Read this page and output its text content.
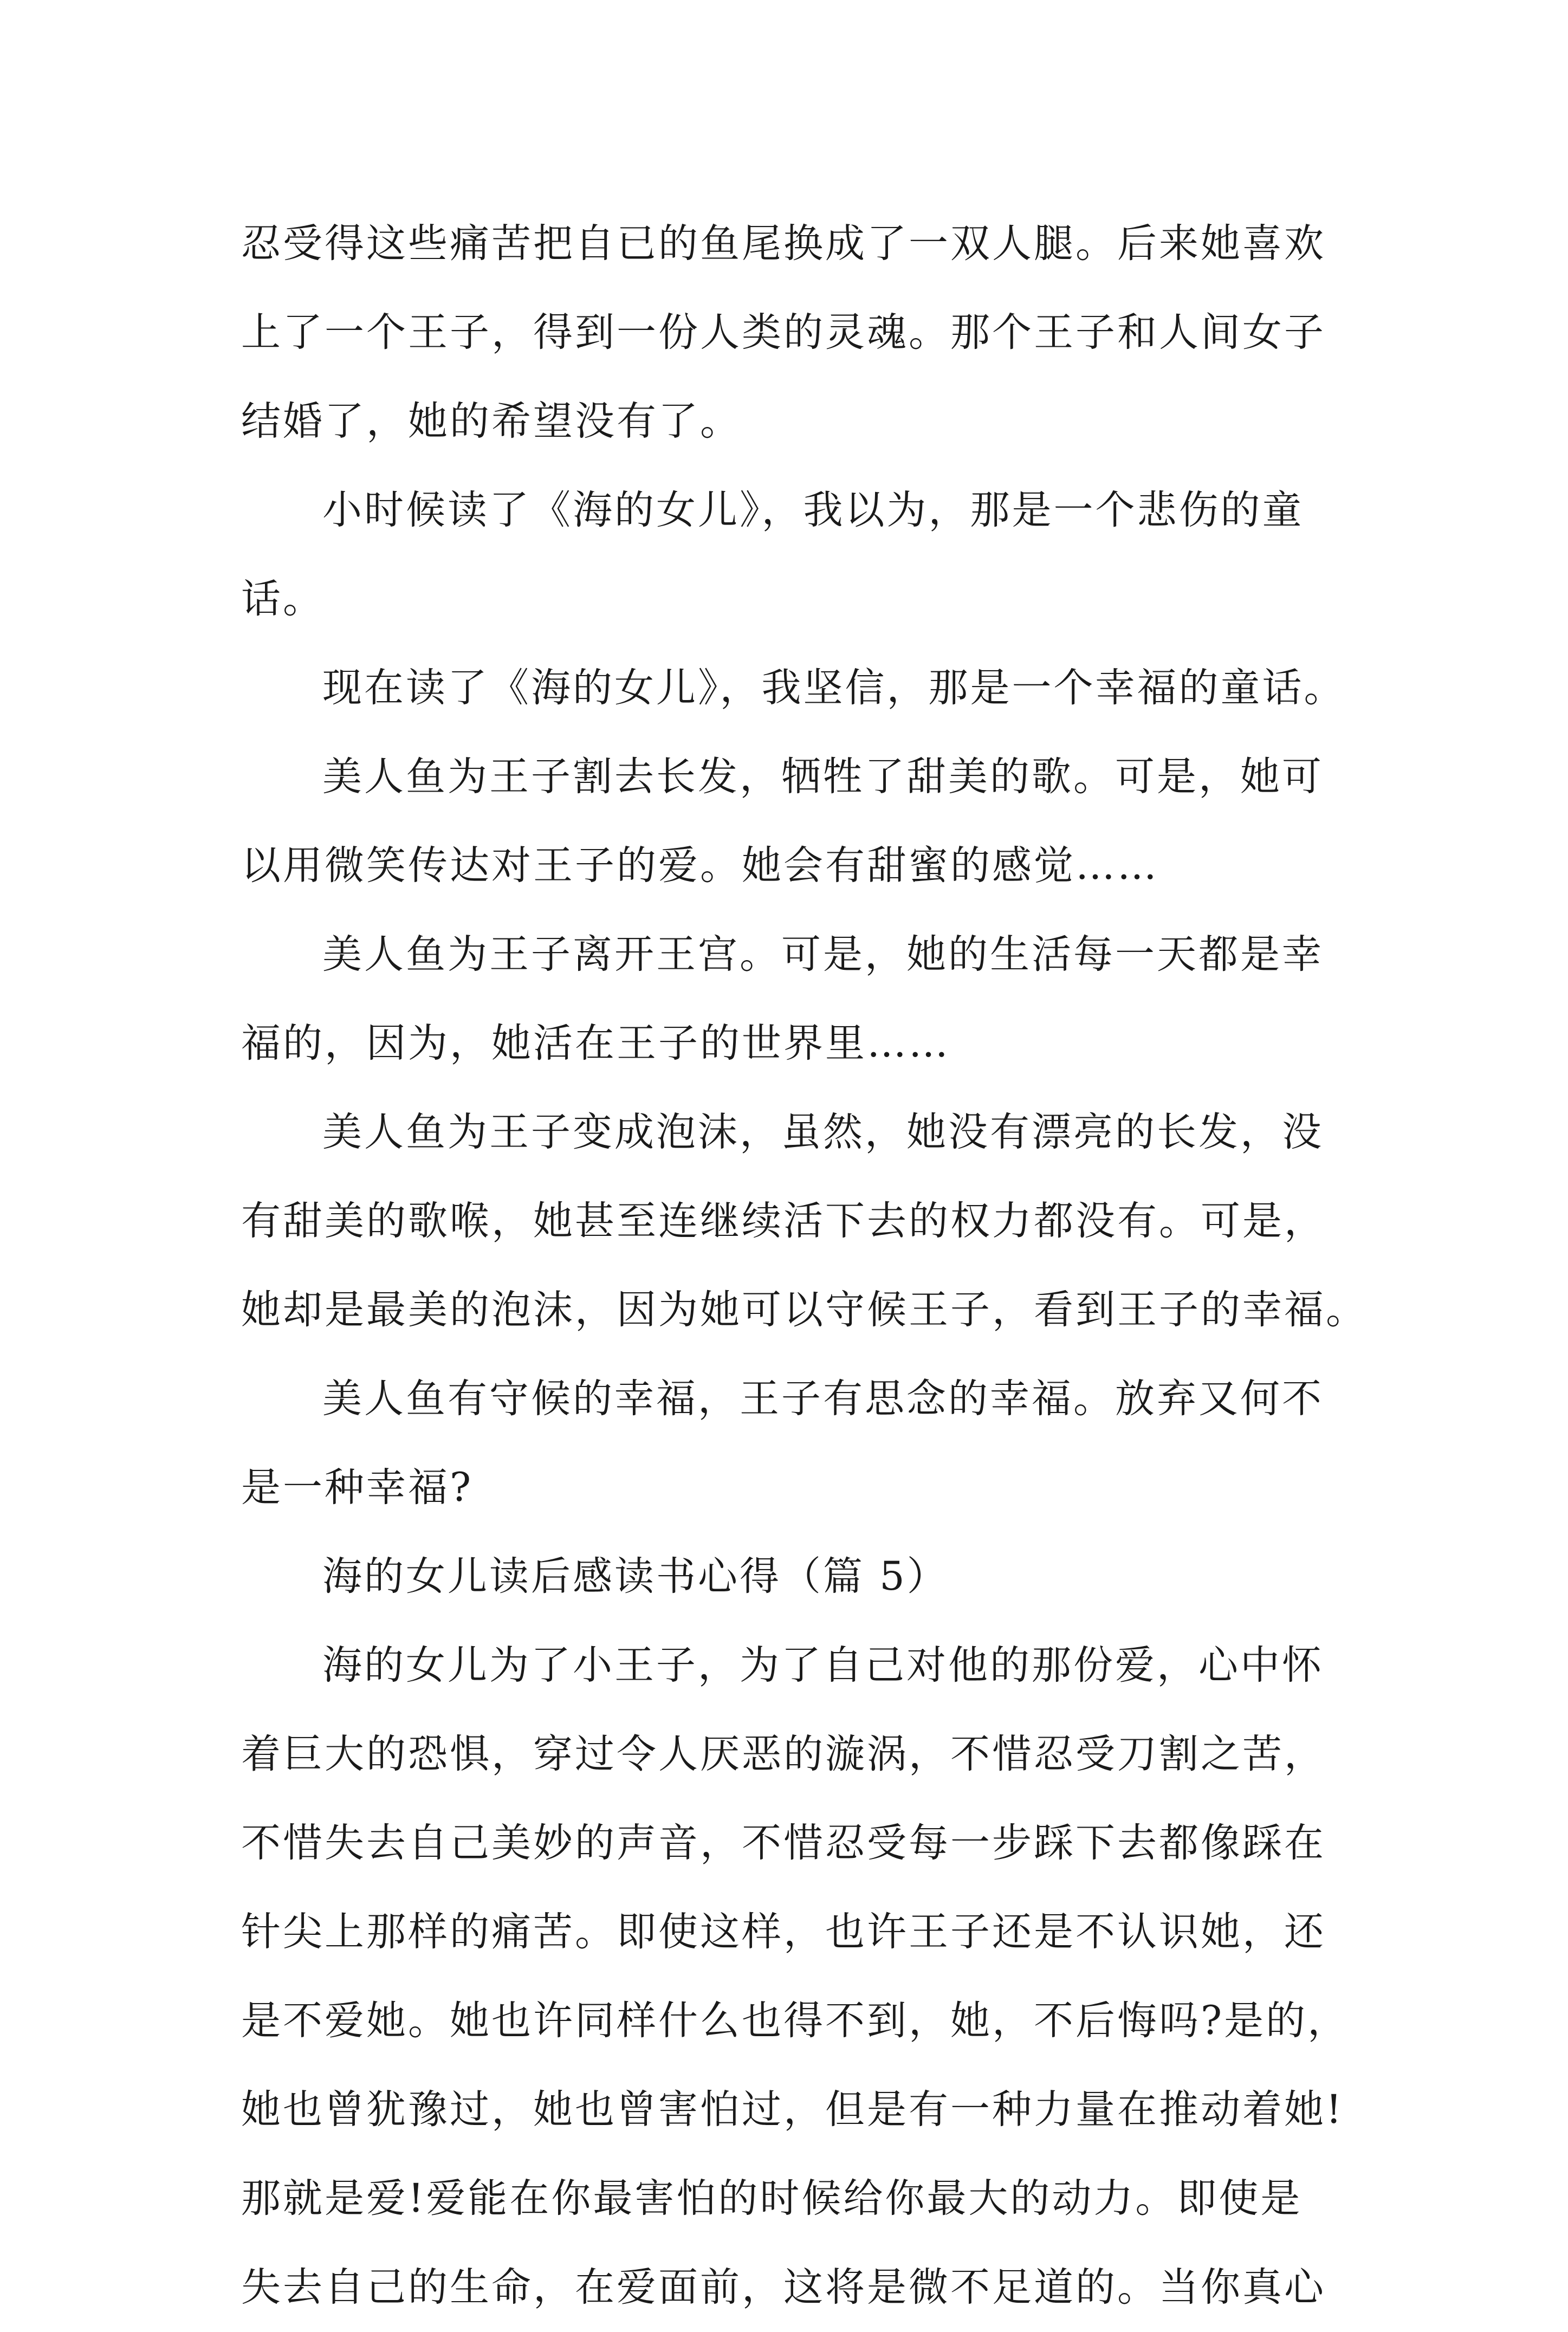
忍受得这些痛苦把自已的鱼尾换成了一双人腿。后来她喜欢
上了一个王子，得到一份人类的灵魂。那个王子和人间女子
结婚了，她的希望没有了。
小时候读了《海的女儿》，我以为，那是一个悲伤的童
话。
现在读了《海的女儿》，我坚信，那是一个幸福的童话。
美人鱼为王子割去长发，牺牲了甜美的歌。可是，她可
以用微笑传达对王子的爱。她会有甜蜜的感觉……
美人鱼为王子离开王宫。可是，她的生活每一天都是幸
福的，因为，她活在王子的世界里……
美人鱼为王子变成泡沫，虽然，她没有漂亮的长发，没
有甜美的歌喉，她甚至连继续活下去的权力都没有。可是，
她却是最美的泡沫，因为她可以守候王子，看到王子的幸福。
美人鱼有守候的幸福，王子有思念的幸福。放弃又何不
是一种幸福?
海的女儿读后感读书心得（篇 5）
海的女儿为了小王子，为了自己对他的那份爱，心中怀
着巨大的恐惧，穿过令人厌恶的漩涡，不惜忍受刀割之苦，
不惜失去自己美妙的声音，不惜忍受每一步踩下去都像踩在
针尖上那样的痛苦。即使这样，也许王子还是不认识她，还
是不爱她。她也许同样什么也得不到，她，不后悔吗?是的，
她也曾犹豫过，她也曾害怕过，但是有一种力量在推动着她!
那就是爱!爱能在你最害怕的时候给你最大的动力。即使是
失去自己的生命，在爱面前，这将是微不足道的。当你真心
